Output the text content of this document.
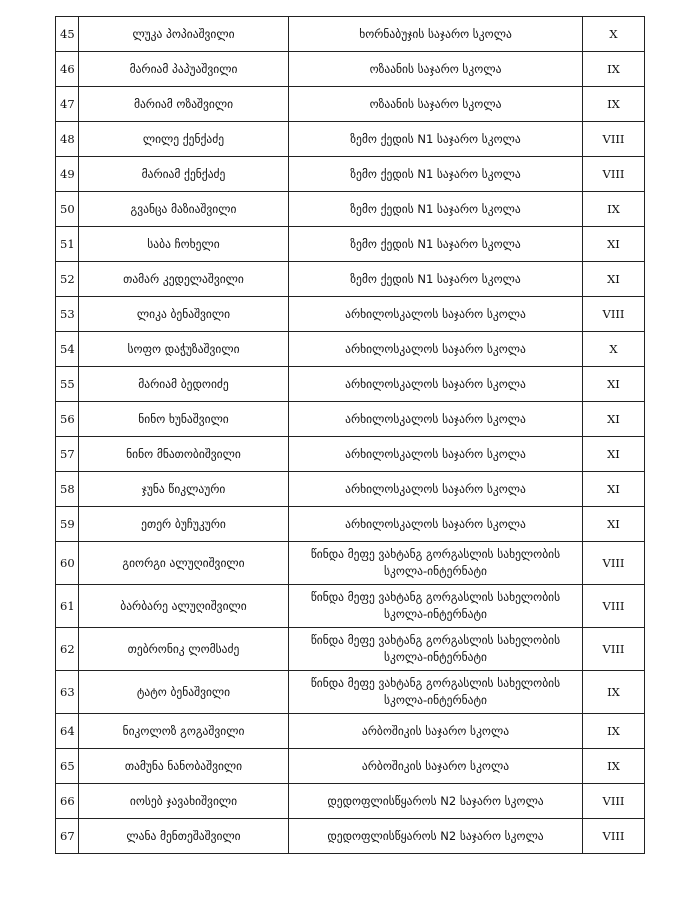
45	ლუკა პოპიაშვილი	ხორნაბუჯის საჯარო სკოლა	X
46	მარიამ პაპუაშვილი	ოზაანის საჯარო სკოლა	IX
47	მარიამ ოზაშვილი	ოზაანის საჯარო სკოლა	IX
48	ლილე ქენქაძე	ზემო ქედის N1 საჯარო სკოლა	VIII
49	მარიამ ქენქაძე	ზემო ქედის N1 საჯარო სკოლა	VIII
50	გვანცა მაზიაშვილი	ზემო ქედის N1 საჯარო სკოლა	IX
51	საბა ჩოხელი	ზემო ქედის N1 საჯარო სკოლა	XI
52	თამარ კედელაშვილი	ზემო ქედის N1 საჯარო სკოლა	XI
53	ლიკა ბენაშვილი	არხილოსკალოს საჯარო სკოლა	VIII
54	სოფო დაჭუზაშვილი	არხილოსკალოს საჯარო სკოლა	X
55	მარიამ ბედოიძე	არხილოსკალოს საჯარო სკოლა	XI
56	ნინო ხუნაშვილი	არხილოსკალოს საჯარო სკოლა	XI
57	ნინო მნათობიშვილი	არხილოსკალოს საჯარო სკოლა	XI
58	ჯუნა წიკლაური	არხილოსკალოს საჯარო სკოლა	XI
59	ეთერ ბუჩუკური	არხილოსკალოს საჯარო სკოლა	XI
60	გიორგი ალუღიშვილი	წინდა მეფე ვახტანგ გორგასლის სახელობის სკოლა-ინტერნატი	VIII
61	ბარბარე ალუღიშვილი	წინდა მეფე ვახტანგ გორგასლის სახელობის სკოლა-ინტერნატი	VIII
62	თებრონიკ ლომსაძე	წინდა მეფე ვახტანგ გორგასლის სახელობის სკოლა-ინტერნატი	VIII
63	ტატო ბენაშვილი	წინდა მეფე ვახტანგ გორგასლის სახელობის სკოლა-ინტერნატი	IX
64	ნიკოლოზ გოგაშვილი	არბოშიკის საჯარო სკოლა	IX
65	თამუნა ნანობაშვილი	არბოშიკის საჯარო სკოლა	IX
66	იოსებ ჯავახიშვილი	დედოფლისწყაროს N2 საჯარო სკოლა	VIII
67	ლანა მენთეშაშვილი	დედოფლისწყაროს N2 საჯარო სკოლა	VIII
